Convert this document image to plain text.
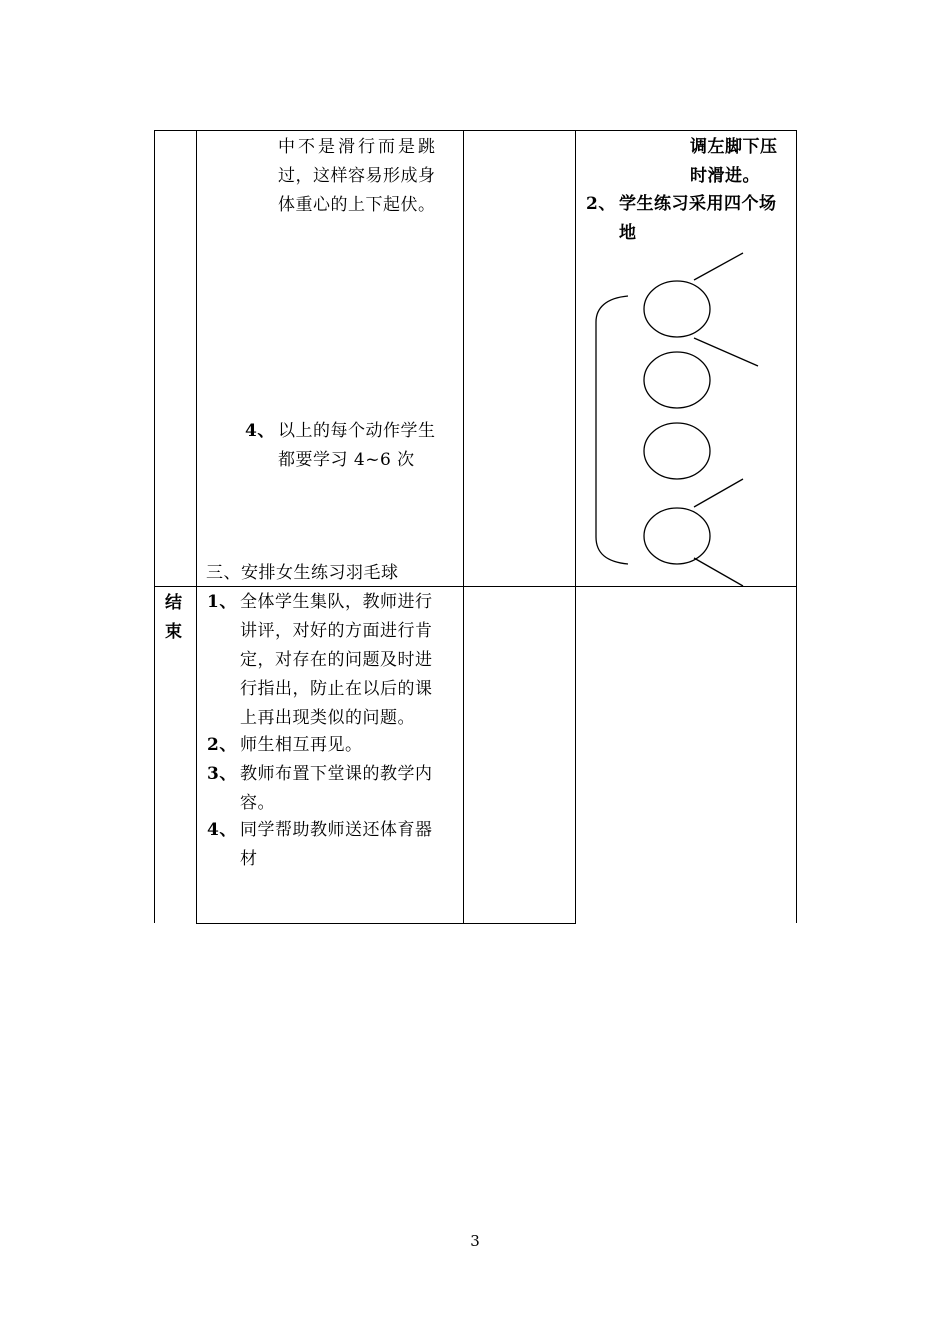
中不是滑行而是跳
过，这样容易形成身
体重心的上下起伏。
4、 以上的每个动作学生
都要学习 4~6 次
三、安排女生练习羽毛球
调左脚下压
时滑进。
2、 学生练习采用四个场
地
结
束
1、 全体学生集队，教师进行
讲评，对好的方面进行肯
定，对存在的问题及时进
行指出，防止在以后的课
上再出现类似的问题。
2、 师生相互再见。
3、 教师布置下堂课的教学内
容。
4、 同学帮助教师送还体育器
材
3
